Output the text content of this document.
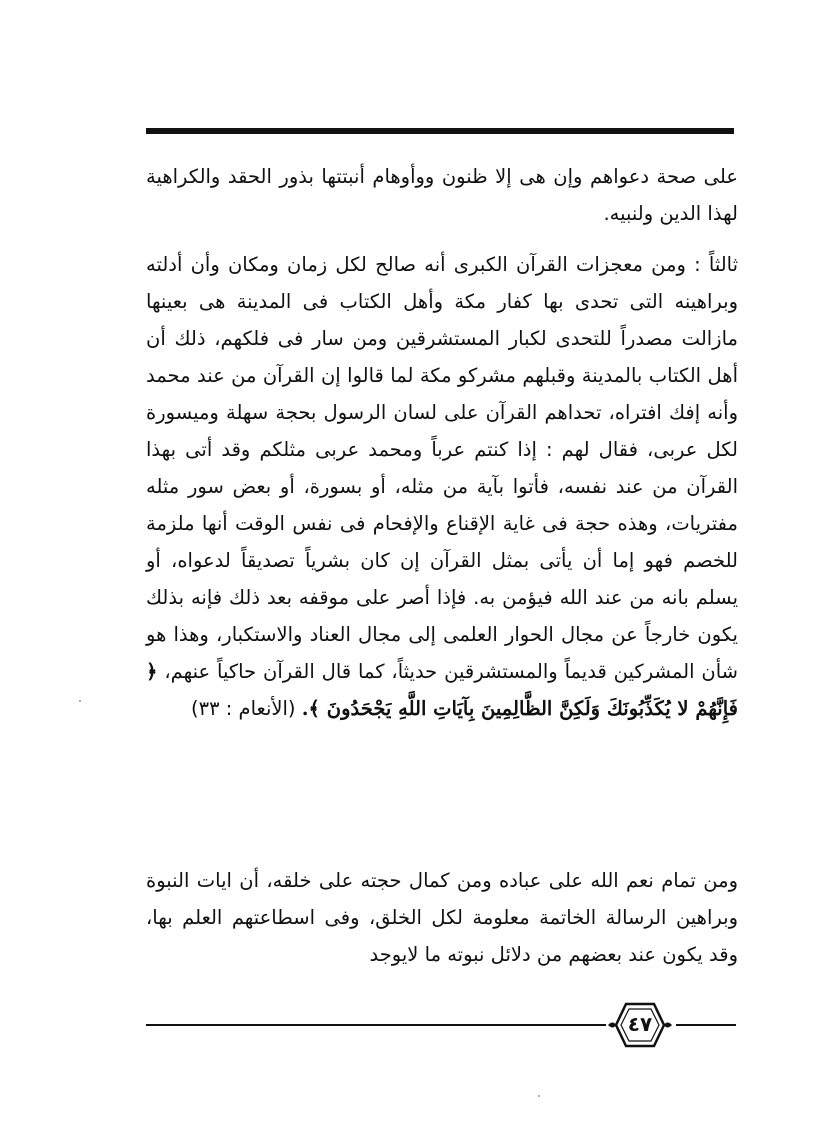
على صحة دعواهم وإن هى إلا ظنون ووأوهام أنبتتها بذور الحقد والكراهية لهذا الدين ولنبيه.

ثالثاً : ومن معجزات القرآن الكبرى أنه صالح لكل زمان ومكان وأن أدلته وبراهينه التى تحدى بها كفار مكة وأهل الكتاب فى المدينة هى بعينها مازالت مصدراً للتحدى لكبار المستشرقين ومن سار فى فلكهم، ذلك أن أهل الكتاب بالمدينة وقبلهم مشركو مكة لما قالوا إن القرآن من عند محمد وأنه إفك افتراه، تحداهم القرآن على لسان الرسول بحجة سهلة وميسورة لكل عربى، فقال لهم : إذا كنتم عرباً ومحمد عربى مثلكم وقد أتى بهذا القرآن من عند نفسه، فأتوا بآية من مثله، أو بسورة، أو بعض سور مثله مفتريات، وهذه حجة فى غاية الإقناع والإفحام فى نفس الوقت أنها ملزمة للخصم فهو إما أن يأتى بمثل القرآن إن كان بشرياً تصديقاً لدعواه، أو يسلم بانه من عند الله فيؤمن به. فإذا أصر على موقفه بعد ذلك فإنه بذلك يكون خارجاً عن مجال الحوار العلمى إلى مجال العناد والاستكبار، وهذا هو شأن المشركين قديماً والمستشرقين حديثاً، كما قال القرآن حاكياً عنهم، ﴿ فَإِنَّهُمْ لا يُكَذِّبُونَكَ وَلَكِنَّ الظَّالِمِينَ بِآيَاتِ اللَّهِ يَجْحَدُونَ ﴾. (الأنعام : ٣٣)

ومن تمام نعم الله على عباده ومن كمال حجته على خلقه، أن ايات النبوة وبراهين الرسالة الخاتمة معلومة لكل الخلق، وفى اسطاعتهم العلم بها، وقد يكون عند بعضهم من دلائل نبوته ما لايوجد

٤٧
